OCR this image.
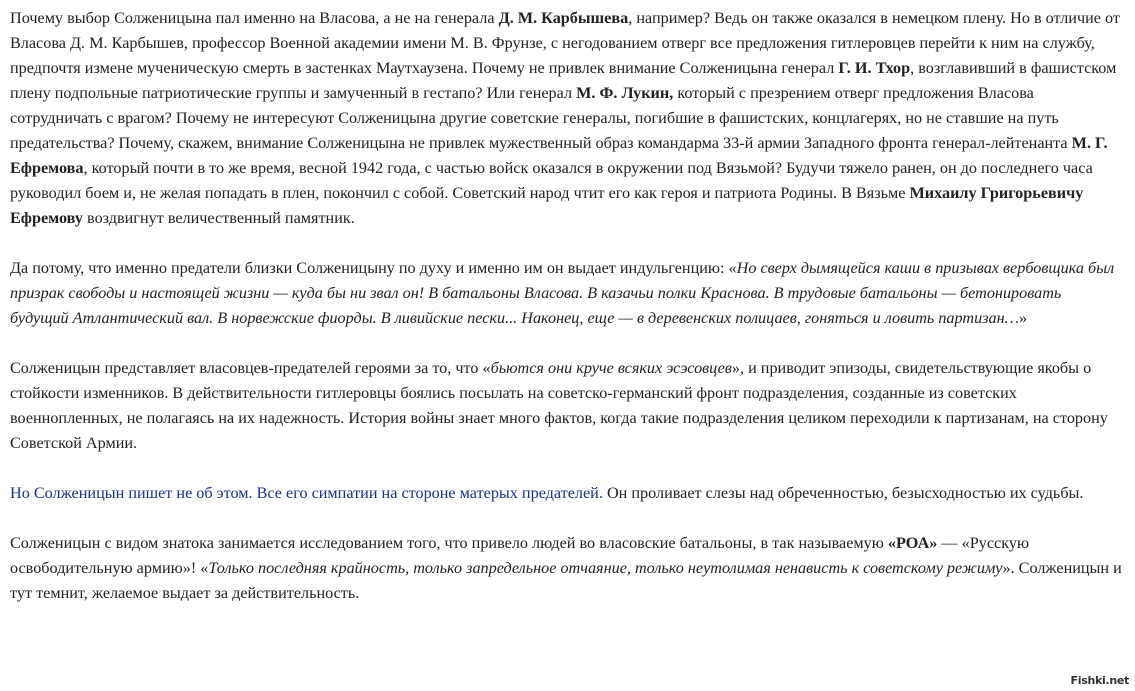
Почему выбор Солженицына пал именно на Власова, а не на генерала Д. М. Карбышева, например? Ведь он также оказался в немецком плену. Но в отличие от Власова Д. М. Карбышев, профессор Военной академии имени М. В. Фрунзе, с негодованием отверг все предложения гитлеровцев перейти к ним на службу, предпочтя измене мученическую смерть в застенках Маутхаузена. Почему не привлек внимание Солженицына генерал Г. И. Тхор, возглавивший в фашистском плену подпольные патриотические группы и замученный в гестапо? Или генерал М. Ф. Лукин, который с презрением отверг предложения Власова сотрудничать с врагом? Почему не интересуют Солженицына другие советские генералы, погибшие в фашистских, концлагерях, но не ставшие на путь предательства? Почему, скажем, внимание Солженицына не привлек мужественный образ командарма 33-й армии Западного фронта генерал-лейтенанта М. Г. Ефремова, который почти в то же время, весной 1942 года, с частью войск оказался в окружении под Вязьмой? Будучи тяжело ранен, он до последнего часа руководил боем и, не желая попадать в плен, покончил с собой. Советский народ чтит его как героя и патриота Родины. В Вязьме Михаилу Григорьевичу Ефремову воздвигнут величественный памятник.

Да потому, что именно предатели близки Солженицыну по духу и именно им он выдает индульгенцию: «Но сверх дымящейся каши в призывах вербовщика был призрак свободы и настоящей жизни — куда бы ни звал он! В батальоны Власова. В казачьи полки Краснова. В трудовые батальоны — бетонировать будущий Атлантический вал. В норвежские фиорды. В ливийские пески... Наконец, еще — в деревенских полицаев, гоняться и ловить партизан…»

Солженицын представляет власовцев-предателей героями за то, что «бьются они круче всяких эсэсовцев», и приводит эпизоды, свидетельствующие якобы о стойкости изменников. В действительности гитлеровцы боялись посылать на советско-германский фронт подразделения, созданные из советских военнопленных, не полагаясь на их надежность. История войны знает много фактов, когда такие подразделения целиком переходили к партизанам, на сторону Советской Армии.

Но Солженицын пишет не об этом. Все его симпатии на стороне матерых предателей. Он проливает слезы над обреченностью, безысходностью их судьбы.

Солженицын с видом знатока занимается исследованием того, что привело людей во власовские батальоны, в так называемую «РОА» — «Русскую освободительную армию»! «Только последняя крайность, только запредельное отчаяние, только неутолимая ненависть к советскому режиму». Солженицын и тут темнит, желаемое выдает за действительность.

Fishki.net
